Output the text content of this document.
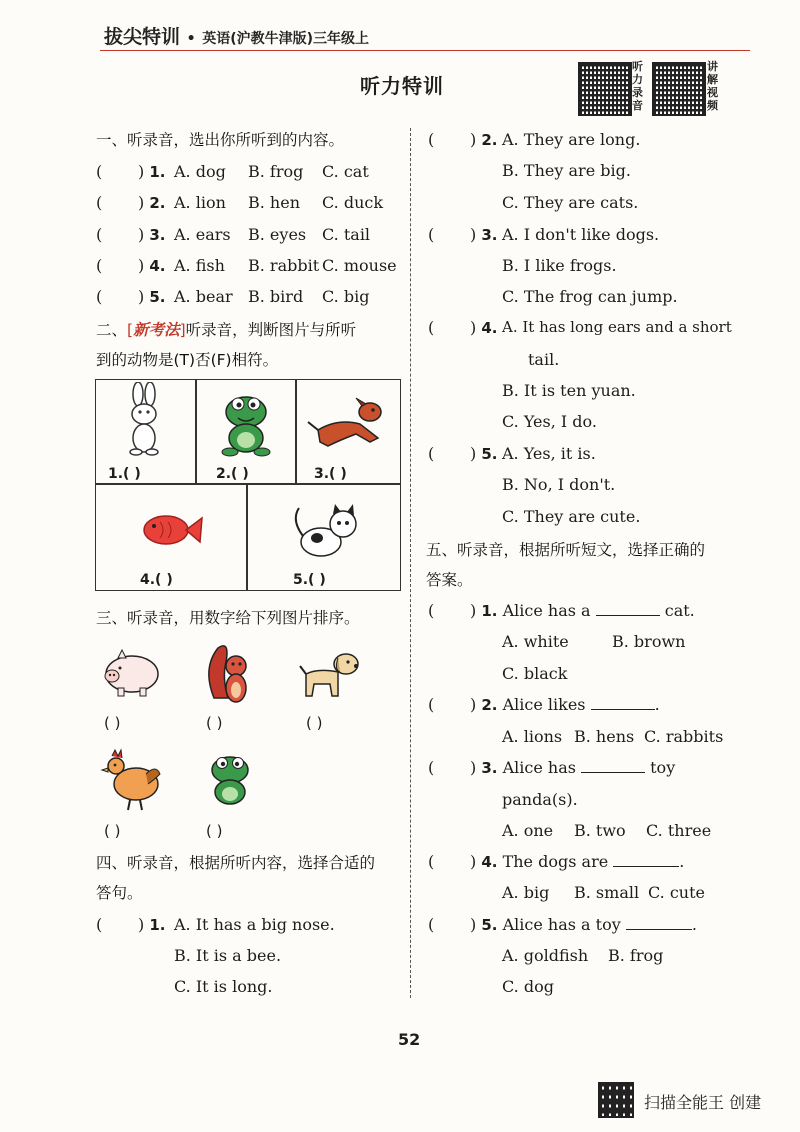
拔尖特训 • 英语(沪教牛津版)三年级上
听力特训
听力录音
讲解视频
一、听录音，选出你所听到的内容。
( ) 1. A. dog B. frog C. cat
( ) 2. A. lion B. hen C. duck
( ) 3. A. ears B. eyes C. tail
( ) 4. A. fish B. rabbit C. mouse
( ) 5. A. bear B. bird C. big
二、[新考法]听录音，判断图片与所听
到的动物是(T)否(F)相符。
1.( )	2.( )	3.( )
4.( )	5.( )
三、听录音，用数字给下列图片排序。
( )	( )	( )
( )	( )
四、听录音，根据所听内容，选择合适的
答句。
( ) 1. A. It has a big nose.
B. It is a bee.
C. It is long.
( ) 2. A. They are long.
B. They are big.
C. They are cats.
( ) 3. A. I don't like dogs.
B. I like frogs.
C. The frog can jump.
( ) 4. A. It has long ears and a short
tail.
B. It is ten yuan.
C. Yes, I do.
( ) 5. A. Yes, it is.
B. No, I don't.
C. They are cute.
五、听录音，根据所听短文，选择正确的
答案。
( ) 1. Alice has a	cat.
A. white	B. brown
C. black
( ) 2. Alice likes	.
A. lions B. hens C. rabbits
( ) 3. Alice has	toy
panda(s).
A. one B. two C. three
( ) 4. The dogs are	.
A. big B. small C. cute
( ) 5. Alice has a toy	.
A. goldfish B. frog
C. dog
52
扫描全能王 创建
